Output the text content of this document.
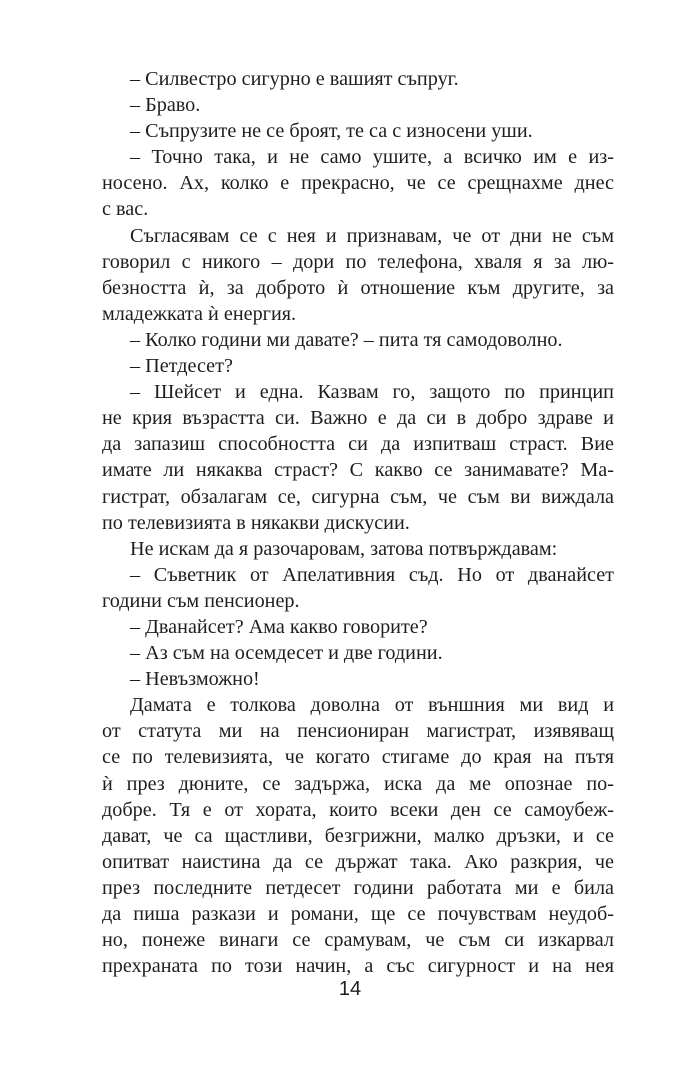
– Силвестро сигурно е вашият съпруг.
– Браво.
– Съпрузите не се броят, те са с износени уши.
– Точно така, и не само ушите, а всичко им е из-
носено. Ах, колко е прекрасно, че се срещнахме днес
с вас.
Съгласявам се с нея и признавам, че от дни не съм
говорил с никого – дори по телефона, хваля я за лю-
безността ѝ, за доброто ѝ отношение към другите, за
младежката ѝ енергия.
– Колко години ми давате? – пита тя самодоволно.
– Петдесет?
– Шейсет и една. Казвам го, защото по принцип
не крия възрастта си. Важно е да си в добро здраве и
да запазиш способността си да изпитваш страст. Вие
имате ли някаква страст? С какво се занимавате? Ма-
гистрат, обзалагам се, сигурна съм, че съм ви виждала
по телевизията в някакви дискусии.
Не искам да я разочаровам, затова потвърждавам:
– Съветник от Апелативния съд. Но от дванайсет
години съм пенсионер.
– Дванайсет? Ама какво говорите?
– Аз съм на осемдесет и две години.
– Невъзможно!
Дамата е толкова доволна от външния ми вид и
от статута ми на пенсиониран магистрат, изявяващ
се по телевизията, че когато стигаме до края на пътя
ѝ през дюните, се задържа, иска да ме опознае по-
добре. Тя е от хората, които всеки ден се самоубеж-
дават, че са щастливи, безгрижни, малко дръзки, и се
опитват наистина да се държат така. Ако разкрия, че
през последните петдесет години работата ми е била
да пиша разкази и романи, ще се почувствам неудоб-
но, понеже винаги се срамувам, че съм си изкарвал
прехраната по този начин, а със сигурност и на нея
14
